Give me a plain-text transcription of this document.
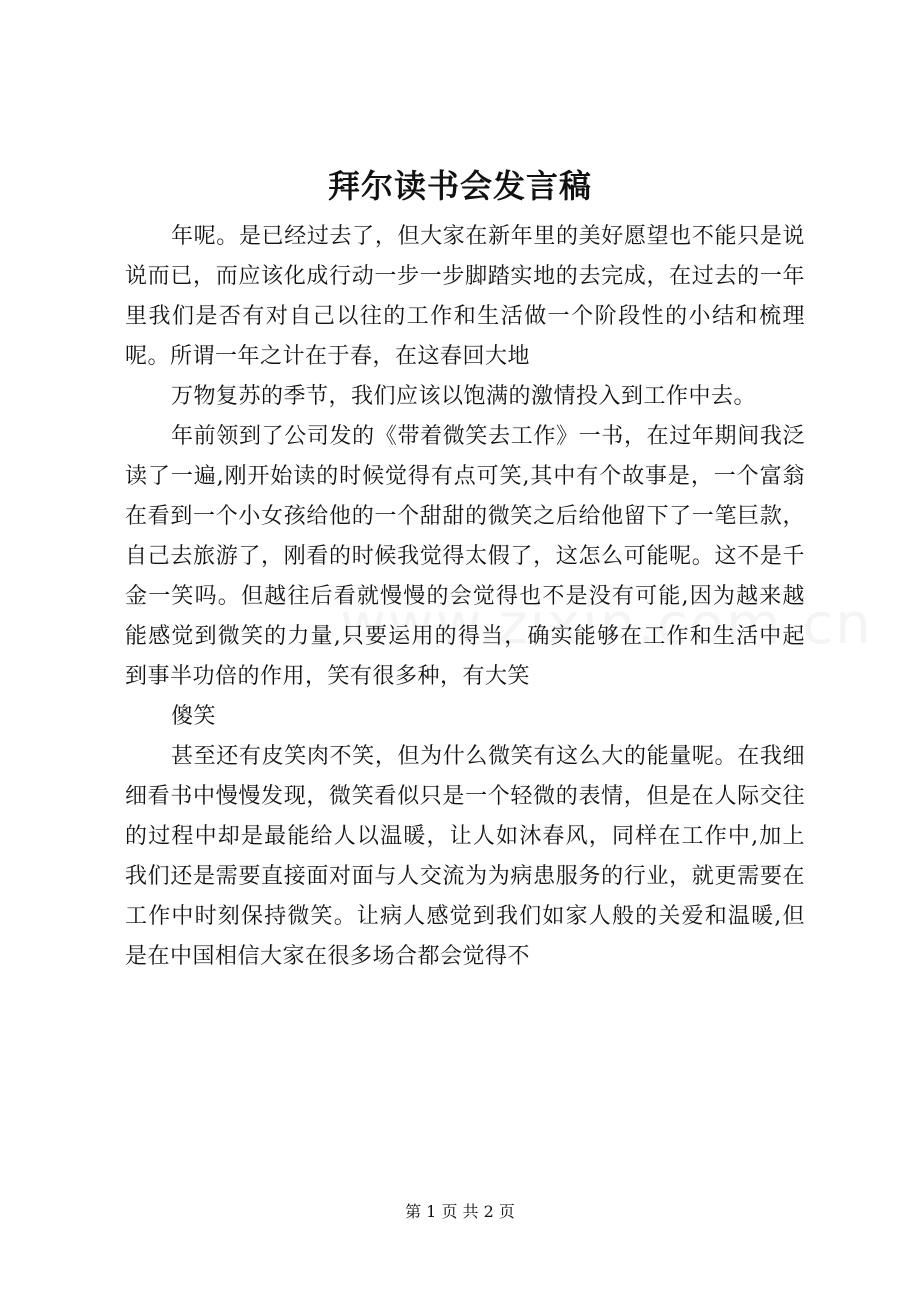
拜尔读书会发言稿

年呢。是已经过去了，但大家在新年里的美好愿望也不能只是说说而已，而应该化成行动一步一步脚踏实地的去完成，在过去的一年里我们是否有对自己以往的工作和生活做一个阶段性的小结和梳理呢。所谓一年之计在于春，在这春回大地

万物复苏的季节，我们应该以饱满的激情投入到工作中去。

年前领到了公司发的《带着微笑去工作》一书，在过年期间我泛读了一遍,刚开始读的时候觉得有点可笑,其中有个故事是，一个富翁在看到一个小女孩给他的一个甜甜的微笑之后给他留下了一笔巨款，自己去旅游了，刚看的时候我觉得太假了，这怎么可能呢。这不是千金一笑吗。但越往后看就慢慢的会觉得也不是没有可能,因为越来越能感觉到微笑的力量,只要运用的得当，确实能够在工作和生活中起到事半功倍的作用，笑有很多种，有大笑

傻笑

甚至还有皮笑肉不笑，但为什么微笑有这么大的能量呢。在我细细看书中慢慢发现，微笑看似只是一个轻微的表情，但是在人际交往的过程中却是最能给人以温暖，让人如沐春风，同样在工作中,加上我们还是需要直接面对面与人交流为为病患服务的行业，就更需要在工作中时刻保持微笑。让病人感觉到我们如家人般的关爱和温暖,但是在中国相信大家在很多场合都会觉得不

第 1 页 共 2 页
